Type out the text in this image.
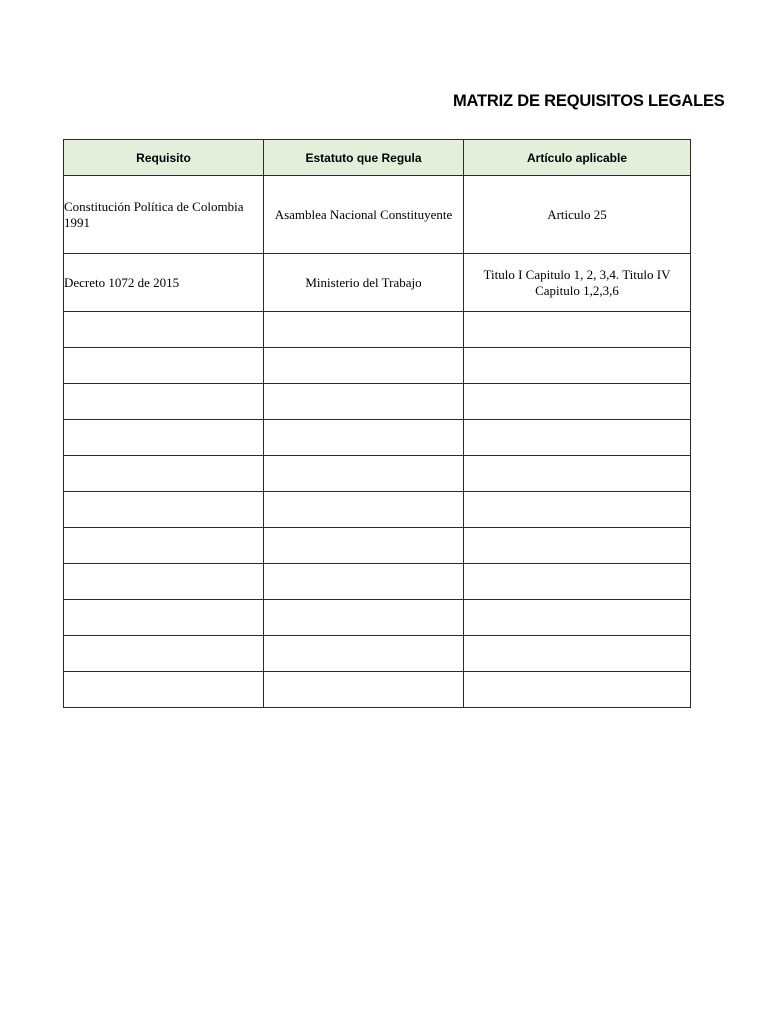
MATRIZ DE REQUISITOS LEGALES
Requisito	Estatuto que Regula	Artículo aplicable
Constitución Política de Colombia 1991	Asamblea Nacional Constituyente	Articulo 25
Decreto 1072 de 2015	Ministerio del Trabajo	Titulo I Capitulo 1, 2, 3,4. Titulo IV Capitulo 1,2,3,6
